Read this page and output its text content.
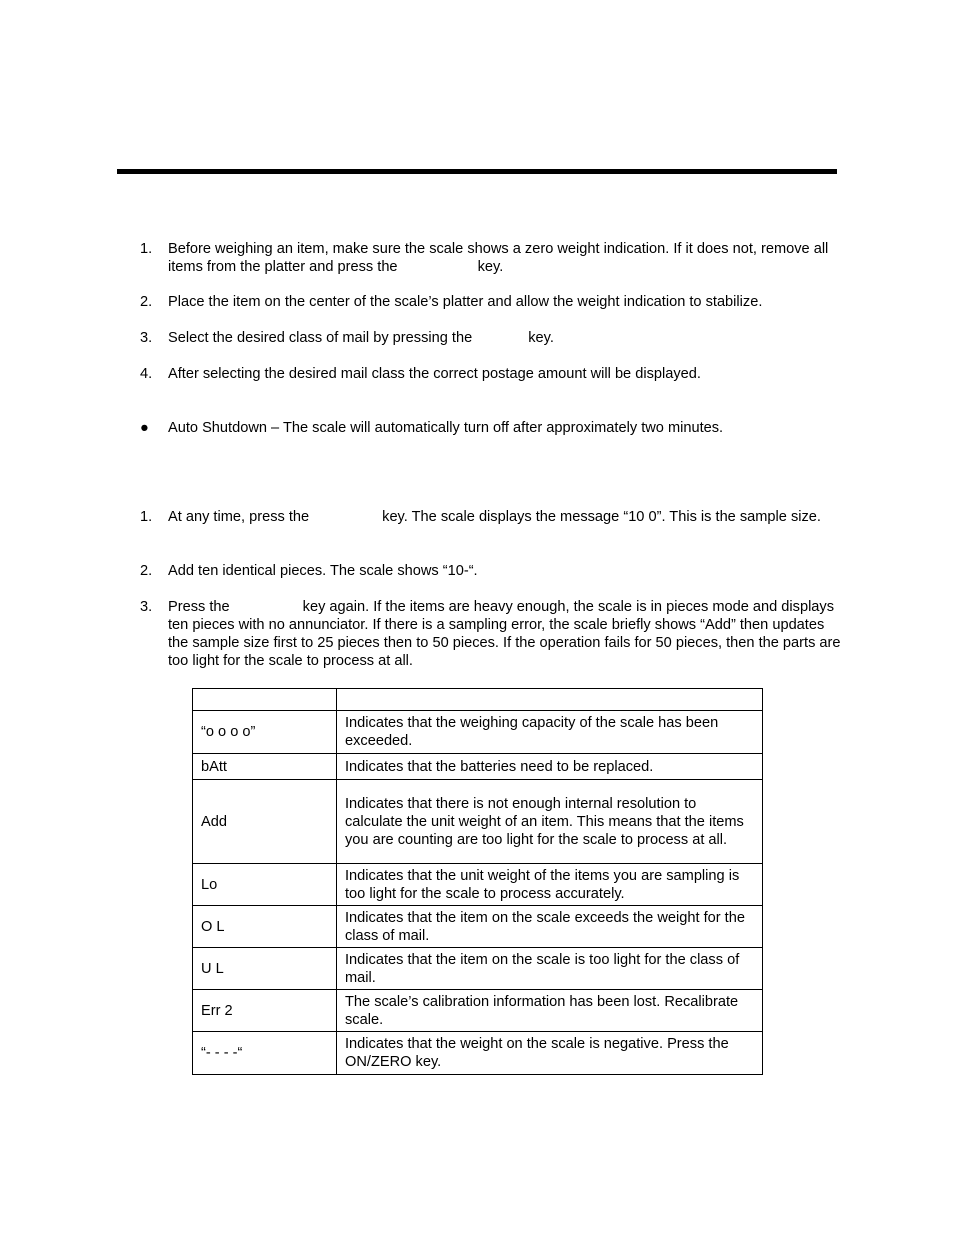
1.	Before weighing an item, make sure the scale shows a zero weight indication. If it does not, remove all items from the platter and press the	key.
2.	Place the item on the center of the scale’s platter and allow the weight indication to stabilize.
3.	Select the desired class of mail by pressing the	key.
4.	After selecting the desired mail class the correct postage amount will be displayed.
●	Auto Shutdown – The scale will automatically turn off after approximately two minutes.
1.	At any time, press the	key. The scale displays the message “10 0”. This is the sample size.
2.	Add ten identical pieces. The scale shows “10-“.
3.	Press the	key again. If the items are heavy enough, the scale is in pieces mode and displays ten pieces with no annunciator. If there is a sampling error, the scale briefly shows “Add” then updates the sample size first to 25 pieces then to 50 pieces. If the operation fails for 50 pieces, then the parts are too light for the scale to process at all.

“o o o o”	Indicates that the weighing capacity of the scale has been exceeded.
bAtt	Indicates that the batteries need to be replaced.
Add	Indicates that there is not enough internal resolution to calculate the unit weight of an item. This means that the items you are counting are too light for the scale to process at all.
Lo	Indicates that the unit weight of the items you are sampling is too light for the scale to process accurately.
O L	Indicates that the item on the scale exceeds the weight for the class of mail.
U L	Indicates that the item on the scale is too light for the class of mail.
Err 2	The scale’s calibration information has been lost. Recalibrate scale.
“- - - -“	Indicates that the weight on the scale is negative. Press the ON/ZERO key.
